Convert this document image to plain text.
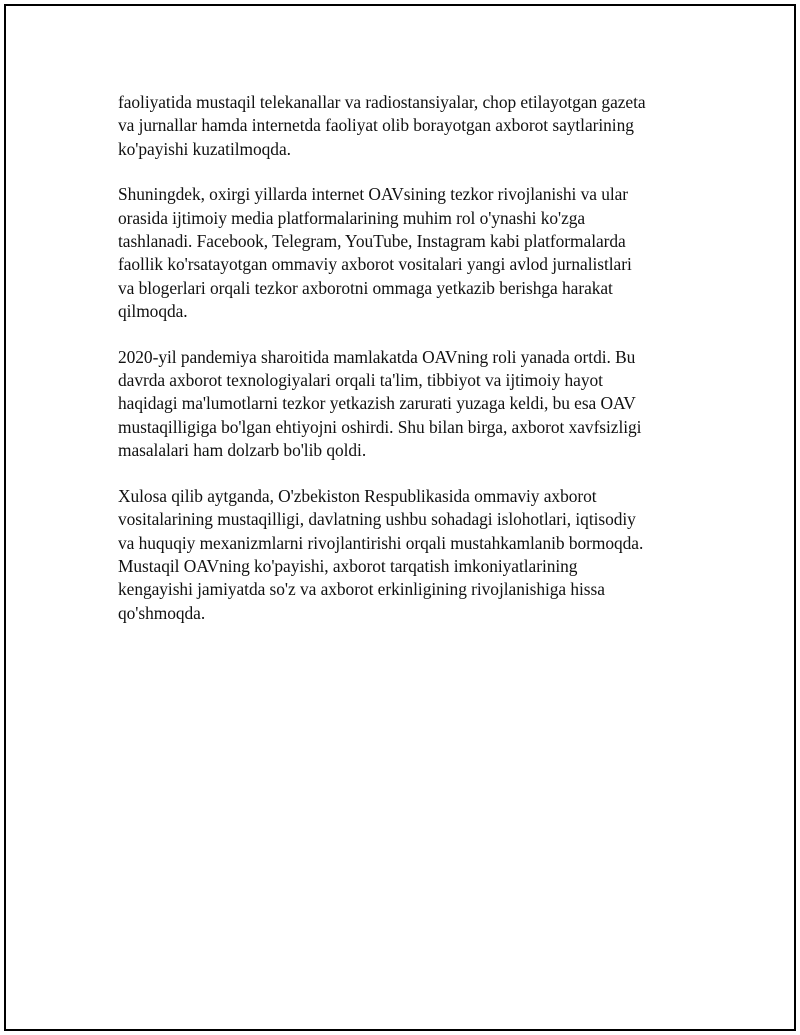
faoliyatida mustaqil telekanallar va radiostansiyalar, chop etilayotgan gazeta
va jurnallar hamda internetda faoliyat olib borayotgan axborot saytlarining
ko'payishi kuzatilmoqda.

Shuningdek, oxirgi yillarda internet OAVsining tezkor rivojlanishi va ular
orasida ijtimoiy media platformalarining muhim rol o'ynashi ko'zga
tashlanadi. Facebook, Telegram, YouTube, Instagram kabi platformalarda
faollik ko'rsatayotgan ommaviy axborot vositalari yangi avlod jurnalistlari
va blogerlari orqali tezkor axborotni ommaga yetkazib berishga harakat
qilmoqda.

2020-yil pandemiya sharoitida mamlakatda OAVning roli yanada ortdi. Bu
davrda axborot texnologiyalari orqali ta'lim, tibbiyot va ijtimoiy hayot
haqidagi ma'lumotlarni tezkor yetkazish zarurati yuzaga keldi, bu esa OAV
mustaqilligiga bo'lgan ehtiyojni oshirdi. Shu bilan birga, axborot xavfsizligi
masalalari ham dolzarb bo'lib qoldi.

Xulosa qilib aytganda, O'zbekiston Respublikasida ommaviy axborot
vositalarining mustaqilligi, davlatning ushbu sohadagi islohotlari, iqtisodiy
va huquqiy mexanizmlarni rivojlantirishi orqali mustahkamlanib bormoqda.
Mustaqil OAVning ko'payishi, axborot tarqatish imkoniyatlarining
kengayishi jamiyatda so'z va axborot erkinligining rivojlanishiga hissa
qo'shmoqda.
